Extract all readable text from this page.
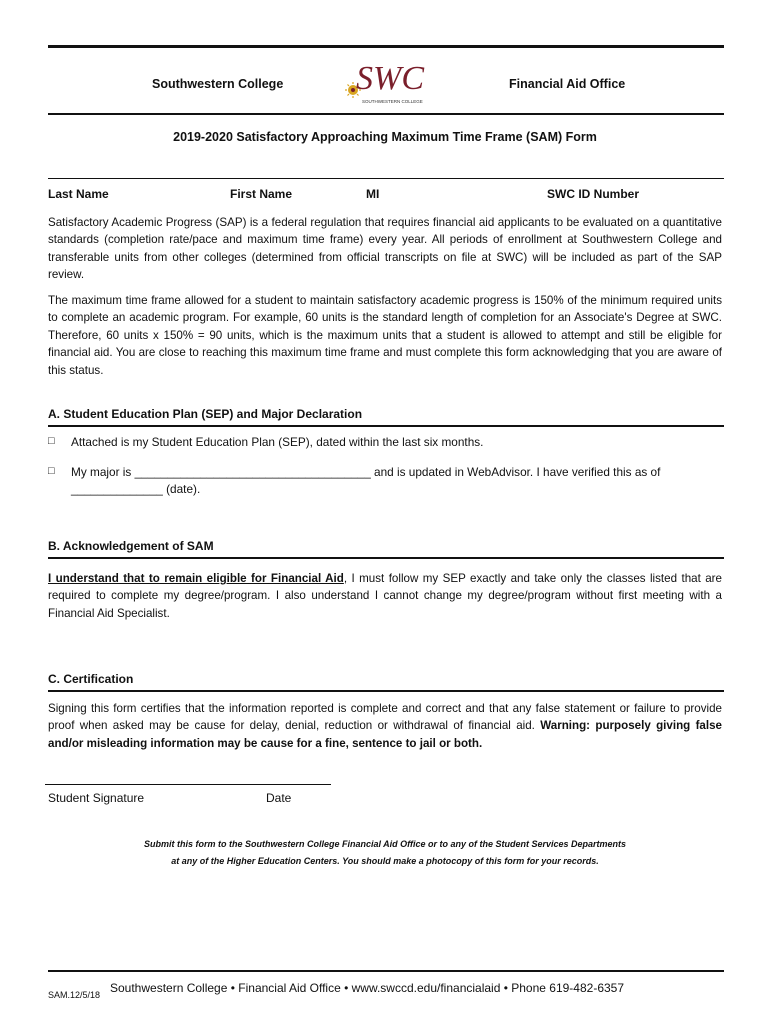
Southwestern College SWC
SOUTHWESTERN COLLEGE
Financial Aid Office
2019-2020 Satisfactory Approaching Maximum Time Frame (SAM) Form
Last Name	First Name	MI	SWC ID Number
Satisfactory Academic Progress (SAP) is a federal regulation that requires financial aid applicants to be evaluated on a quantitative standards (completion rate/pace and maximum time frame) every year. All periods of enrollment at Southwestern College and transferable units from other colleges (determined from official transcripts on file at SWC) will be included as part of the SAP review.
The maximum time frame allowed for a student to maintain satisfactory academic progress is 150% of the minimum required units to complete an academic program. For example, 60 units is the standard length of completion for an Associate's Degree at SWC. Therefore, 60 units x 150% = 90 units, which is the maximum units that a student is allowed to attempt and still be eligible for financial aid. You are close to reaching this maximum time frame and must complete this form acknowledging that you are aware of this status.
A. Student Education Plan (SEP) and Major Declaration
□ Attached is my Student Education Plan (SEP), dated within the last six months.
□ My major is ____________________________________ and is updated in WebAdvisor. I have verified this as of
______________ (date).
B. Acknowledgement of SAM
I understand that to remain eligible for Financial Aid, I must follow my SEP exactly and take only the classes listed that are required to complete my degree/program. I also understand I cannot change my degree/program without first meeting with a Financial Aid Specialist.
C. Certification
Signing this form certifies that the information reported is complete and correct and that any false statement or failure to provide proof when asked may be cause for delay, denial, reduction or withdrawal of financial aid. Warning: purposely giving false and/or misleading information may be cause for a fine, sentence to jail or both.
Student Signature	Date
Submit this form to the Southwestern College Financial Aid Office or to any of the Student Services Departments
at any of the Higher Education Centers. You should make a photocopy of this form for your records.
SAM.12/5/18 Southwestern College • Financial Aid Office • www.swccd.edu/financialaid • Phone 619-482-6357
